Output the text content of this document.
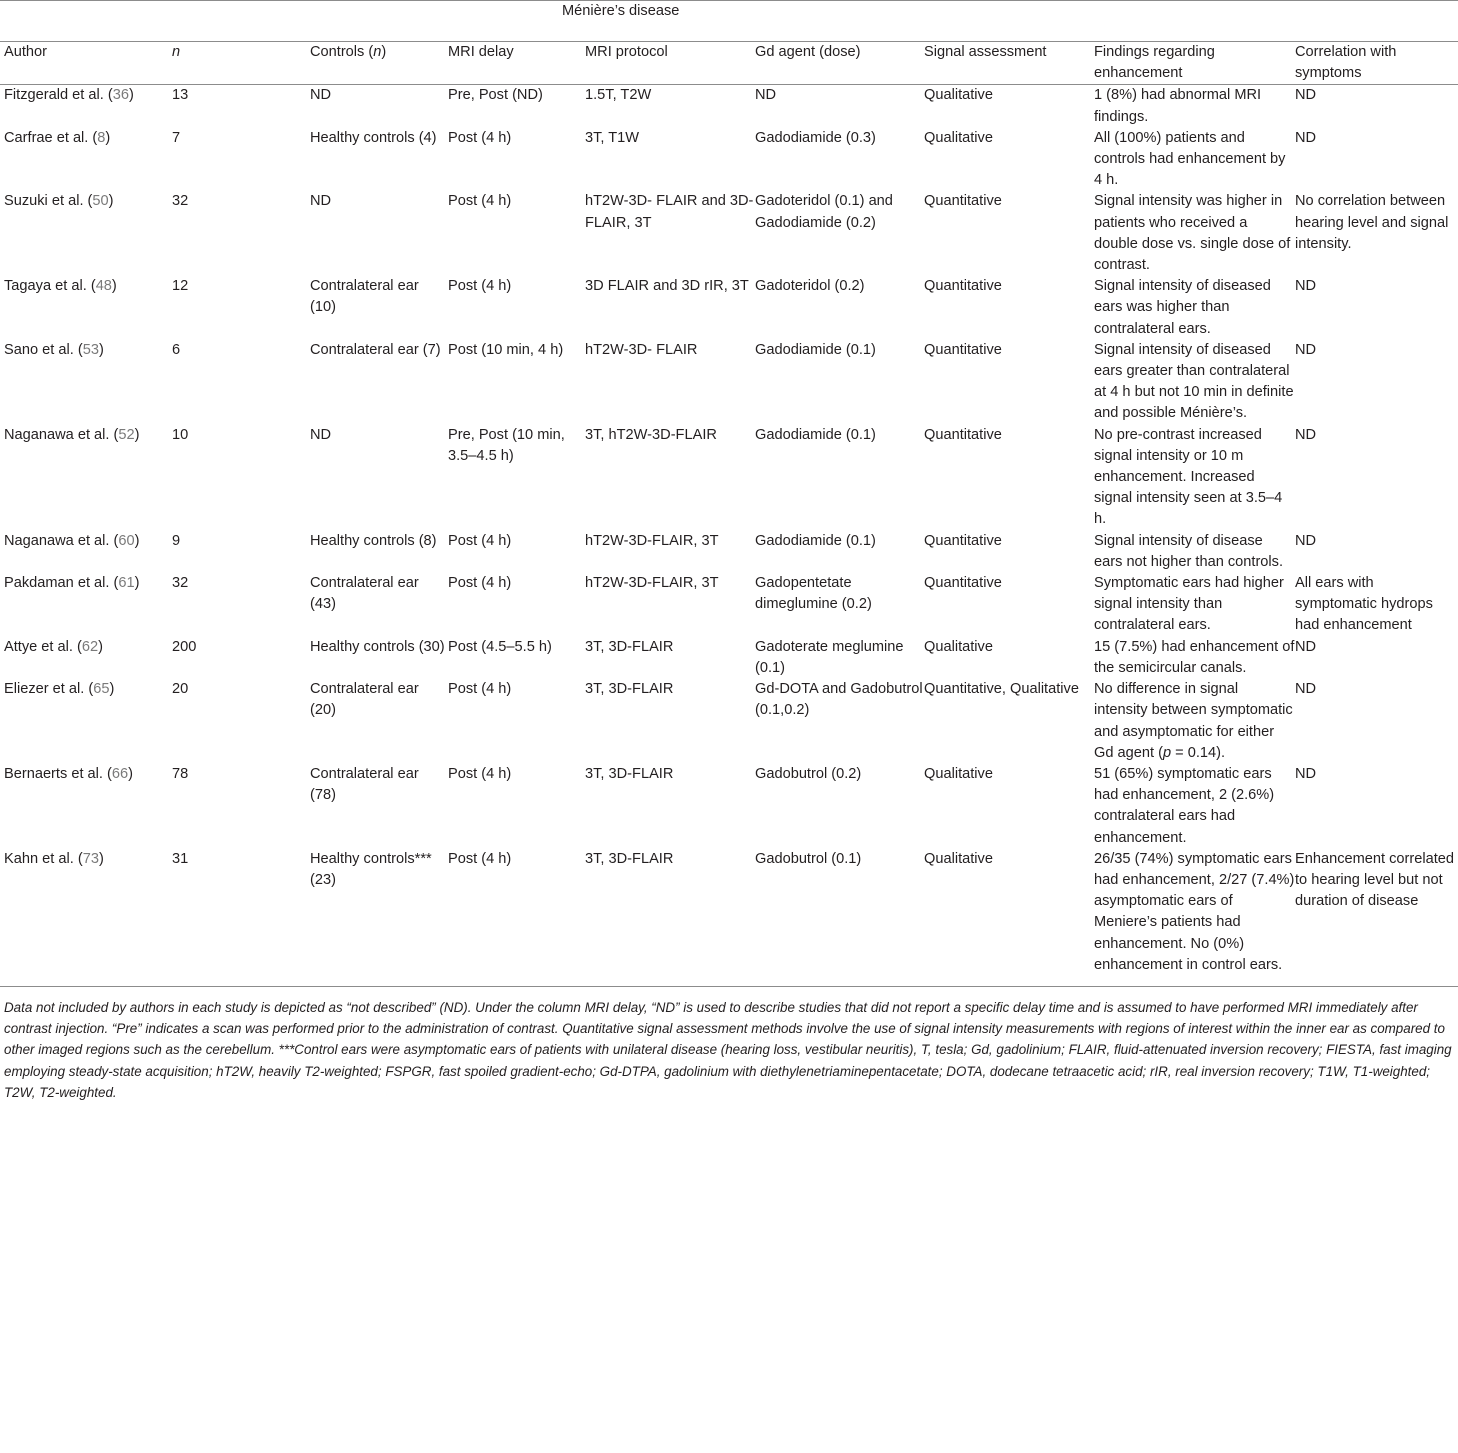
Ménière’s disease								
Author	n	Controls (n)	MRI delay	MRI protocol	Gd agent (dose)	Signal assessment	Findings regarding enhancement	Correlation with symptoms
Fitzgerald et al. (36)	13	ND	Pre, Post (ND)	1.5T, T2W	ND	Qualitative	1 (8%) had abnormal MRI findings.	ND
Carfrae et al. (8)	7	Healthy controls (4)	Post (4 h)	3T, T1W	Gadodiamide (0.3)	Qualitative	All (100%) patients and controls had enhancement by 4 h.	ND
Suzuki et al. (50)	32	ND	Post (4 h)	hT2W-3D- FLAIR and 3D- FLAIR, 3T	Gadoteridol (0.1) and Gadodiamide (0.2)	Quantitative	Signal intensity was higher in patients who received a double dose vs. single dose of contrast.	No correlation between hearing level and signal intensity.
Tagaya et al. (48)	12	Contralateral ear (10)	Post (4 h)	3D FLAIR and 3D rIR, 3T	Gadoteridol (0.2)	Quantitative	Signal intensity of diseased ears was higher than contralateral ears.	ND
Sano et al. (53)	6	Contralateral ear (7)	Post (10 min, 4 h)	hT2W-3D- FLAIR	Gadodiamide (0.1)	Quantitative	Signal intensity of diseased ears greater than contralateral at 4 h but not 10 min in definite and possible Ménière’s.	ND
Naganawa et al. (52)	10	ND	Pre, Post (10 min, 3.5–4.5 h)	3T, hT2W-3D-FLAIR	Gadodiamide (0.1)	Quantitative	No pre-contrast increased signal intensity or 10 m enhancement. Increased signal intensity seen at 3.5–4 h.	ND
Naganawa et al. (60)	9	Healthy controls (8)	Post (4 h)	hT2W-3D-FLAIR, 3T	Gadodiamide (0.1)	Quantitative	Signal intensity of disease ears not higher than controls.	ND
Pakdaman et al. (61)	32	Contralateral ear (43)	Post (4 h)	hT2W-3D-FLAIR, 3T	Gadopentetate dimeglumine (0.2)	Quantitative	Symptomatic ears had higher signal intensity than contralateral ears.	All ears with symptomatic hydrops had enhancement
Attye et al. (62)	200	Healthy controls (30)	Post (4.5–5.5 h)	3T, 3D-FLAIR	Gadoterate meglumine (0.1)	Qualitative	15 (7.5%) had enhancement of the semicircular canals.	ND
Eliezer et al. (65)	20	Contralateral ear (20)	Post (4 h)	3T, 3D-FLAIR	Gd-DOTA and Gadobutrol (0.1,0.2)	Quantitative, Qualitative	No difference in signal intensity between symptomatic and asymptomatic for either Gd agent (p = 0.14).	ND
Bernaerts et al. (66)	78	Contralateral ear (78)	Post (4 h)	3T, 3D-FLAIR	Gadobutrol (0.2)	Qualitative	51 (65%) symptomatic ears had enhancement, 2 (2.6%) contralateral ears had enhancement.	ND
Kahn et al. (73)	31	Healthy controls*** (23)	Post (4 h)	3T, 3D-FLAIR	Gadobutrol (0.1)	Qualitative	26/35 (74%) symptomatic ears had enhancement, 2/27 (7.4%) asymptomatic ears of Meniere’s patients had enhancement. No (0%) enhancement in control ears.	Enhancement correlated to hearing level but not duration of disease
Data not included by authors in each study is depicted as “not described” (ND). Under the column MRI delay, “ND” is used to describe studies that did not report a specific delay time and is assumed to have performed MRI immediately after contrast injection. “Pre” indicates a scan was performed prior to the administration of contrast. Quantitative signal assessment methods involve the use of signal intensity measurements with regions of interest within the inner ear as compared to other imaged regions such as the cerebellum. ***Control ears were asymptomatic ears of patients with unilateral disease (hearing loss, vestibular neuritis), T, tesla; Gd, gadolinium; FLAIR, fluid-attenuated inversion recovery; FIESTA, fast imaging employing steady-state acquisition; hT2W, heavily T2-weighted; FSPGR, fast spoiled gradient-echo; Gd-DTPA, gadolinium with diethylenetriaminepentacetate; DOTA, dodecane tetraacetic acid; rIR, real inversion recovery; T1W, T1-weighted; T2W, T2-weighted.								
